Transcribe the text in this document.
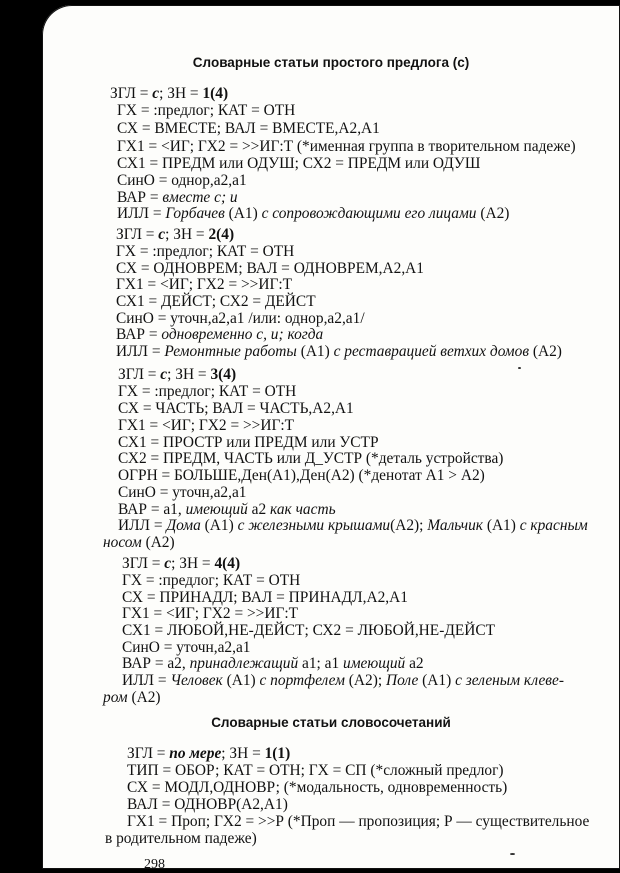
Словарные статьи простого предлога (с)
Словарные статьи словосочетаний
ЗГЛ = с; ЗН = 1(4)
ГХ = :предлог; КАТ = ОТН
СХ = ВМЕСТЕ; ВАЛ = ВМЕСТЕ,А2,А1
ГХ1 = <ИГ; ГХ2 = >>ИГ:Т (*именная группа в творительном падеже)
СХ1 = ПРЕДМ или ОДУШ; СХ2 = ПРЕДМ или ОДУШ
СинО = однор,а2,а1
ВАР = вместе с; и
ИЛЛ = Горбачев (А1) с сопровождающими его лицами (А2)
ЗГЛ = с; ЗН = 2(4)
ГХ = :предлог; КАТ = ОТН
СХ = ОДНОВРЕМ; ВАЛ = ОДНОВРЕМ,А2,А1
ГХ1 = <ИГ; ГХ2 = >>ИГ:Т
СХ1 = ДЕЙСТ; СХ2 = ДЕЙСТ
СинО = уточн,а2,а1 /или: однор,а2,а1/
ВАР = одновременно с, и; когда
ИЛЛ = Ремонтные работы (А1) с реставрацией ветхих домов (А2)
ЗГЛ = с; ЗН = 3(4)
ГХ = :предлог; КАТ = ОТН
СХ = ЧАСТЬ; ВАЛ = ЧАСТЬ,А2,А1
ГХ1 = <ИГ; ГХ2 = >>ИГ:Т
СХ1 = ПРОСТР или ПРЕДМ или УСТР
СХ2 = ПРЕДМ, ЧАСТЬ или Д_УСТР (*деталь устройства)
ОГРН = БОЛЬШЕ,Ден(А1),Ден(А2) (*денотат А1 > А2)
СинО = уточн,а2,а1
ВАР = а1, имеющий а2 как часть
ИЛЛ = Дома (А1) с железными крышами(А2); Мальчик (А1) с красным
носом (А2)
ЗГЛ = с; ЗН = 4(4)
ГХ = :предлог; КАТ = ОТН
СХ = ПРИНАДЛ; ВАЛ = ПРИНАДЛ,А2,А1
ГХ1 = <ИГ; ГХ2 = >>ИГ:Т
СХ1 = ЛЮБОЙ,НЕ-ДЕЙСТ; СХ2 = ЛЮБОЙ,НЕ-ДЕЙСТ
СинО = уточн,а2,а1
ВАР = а2, принадлежащий а1; а1 имеющий а2
ИЛЛ = Человек (А1) с портфелем (А2); Поле (А1) с зеленым клеве-
ром (А2)
ЗГЛ = по мере; ЗН = 1(1)
ТИП = ОБОР; КАТ = ОТН; ГХ = СП (*сложный предлог)
СХ = МОДЛ,ОДНОВР; (*модальность, одновременность)
ВАЛ = ОДНОВР(А2,А1)
ГХ1 = Проп; ГХ2 = >>Р (*Проп — пропозиция; Р — существительное
в родительном падеже)
298
